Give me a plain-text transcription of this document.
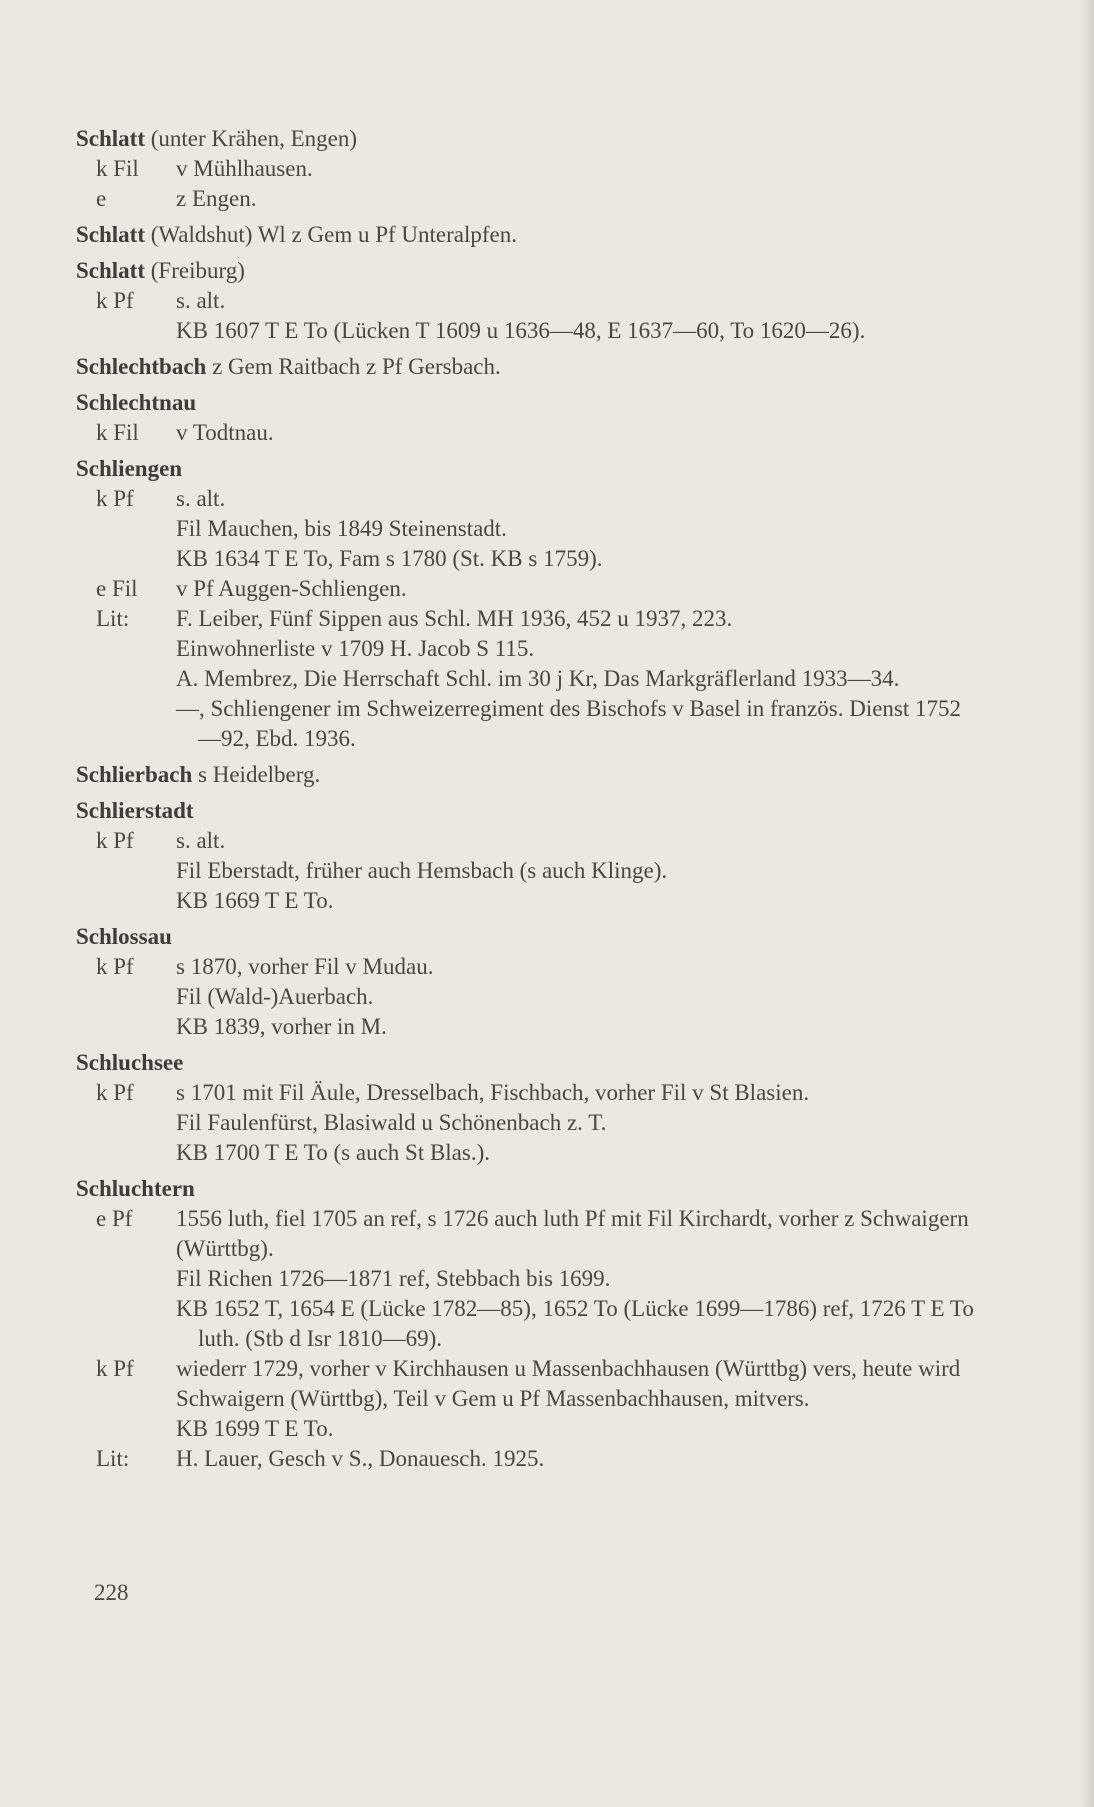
Schlatt (unter Krähen, Engen)
k Fil	v Mühlhausen.
e	z Engen.
Schlatt (Waldshut) Wl z Gem u Pf Unteralpfen.
Schlatt (Freiburg)
k Pf	s. alt.
KB 1607 T E To (Lücken T 1609 u 1636—48, E 1637—60, To 1620—26).
Schlechtbach z Gem Raitbach z Pf Gersbach.
Schlechtnau
k Fil	v Todtnau.
Schliengen
k Pf	s. alt.
Fil Mauchen, bis 1849 Steinenstadt.
KB 1634 T E To, Fam s 1780 (St. KB s 1759).
e Fil	v Pf Auggen-Schliengen.
Lit:	F. Leiber, Fünf Sippen aus Schl. MH 1936, 452 u 1937, 223.
Einwohnerliste v 1709 H. Jacob S 115.
A. Membrez, Die Herrschaft Schl. im 30 j Kr, Das Markgräflerland 1933—34.
—, Schliengener im Schweizerregiment des Bischofs v Basel in französ. Dienst 1752—92, Ebd. 1936.
Schlierbach s Heidelberg.
Schlierstadt
k Pf	s. alt.
Fil Eberstadt, früher auch Hemsbach (s auch Klinge).
KB 1669 T E To.
Schlossau
k Pf	s 1870, vorher Fil v Mudau.
Fil (Wald-)Auerbach.
KB 1839, vorher in M.
Schluchsee
k Pf	s 1701 mit Fil Äule, Dresselbach, Fischbach, vorher Fil v St Blasien.
Fil Faulenfürst, Blasiwald u Schönenbach z. T.
KB 1700 T E To (s auch St Blas.).
Schluchtern
e Pf	1556 luth, fiel 1705 an ref, s 1726 auch luth Pf mit Fil Kirchardt, vorher z Schwaigern (Württbg).
Fil Richen 1726—1871 ref, Stebbach bis 1699.
KB 1652 T, 1654 E (Lücke 1782—85), 1652 To (Lücke 1699—1786) ref, 1726 T E To luth. (Stb d Isr 1810—69).
k Pf	wiederr 1729, vorher v Kirchhausen u Massenbachhausen (Württbg) vers, heute wird Schwaigern (Württbg), Teil v Gem u Pf Massenbachhausen, mitvers.
KB 1699 T E To.
Lit:	H. Lauer, Gesch v S., Donauesch. 1925.
228
